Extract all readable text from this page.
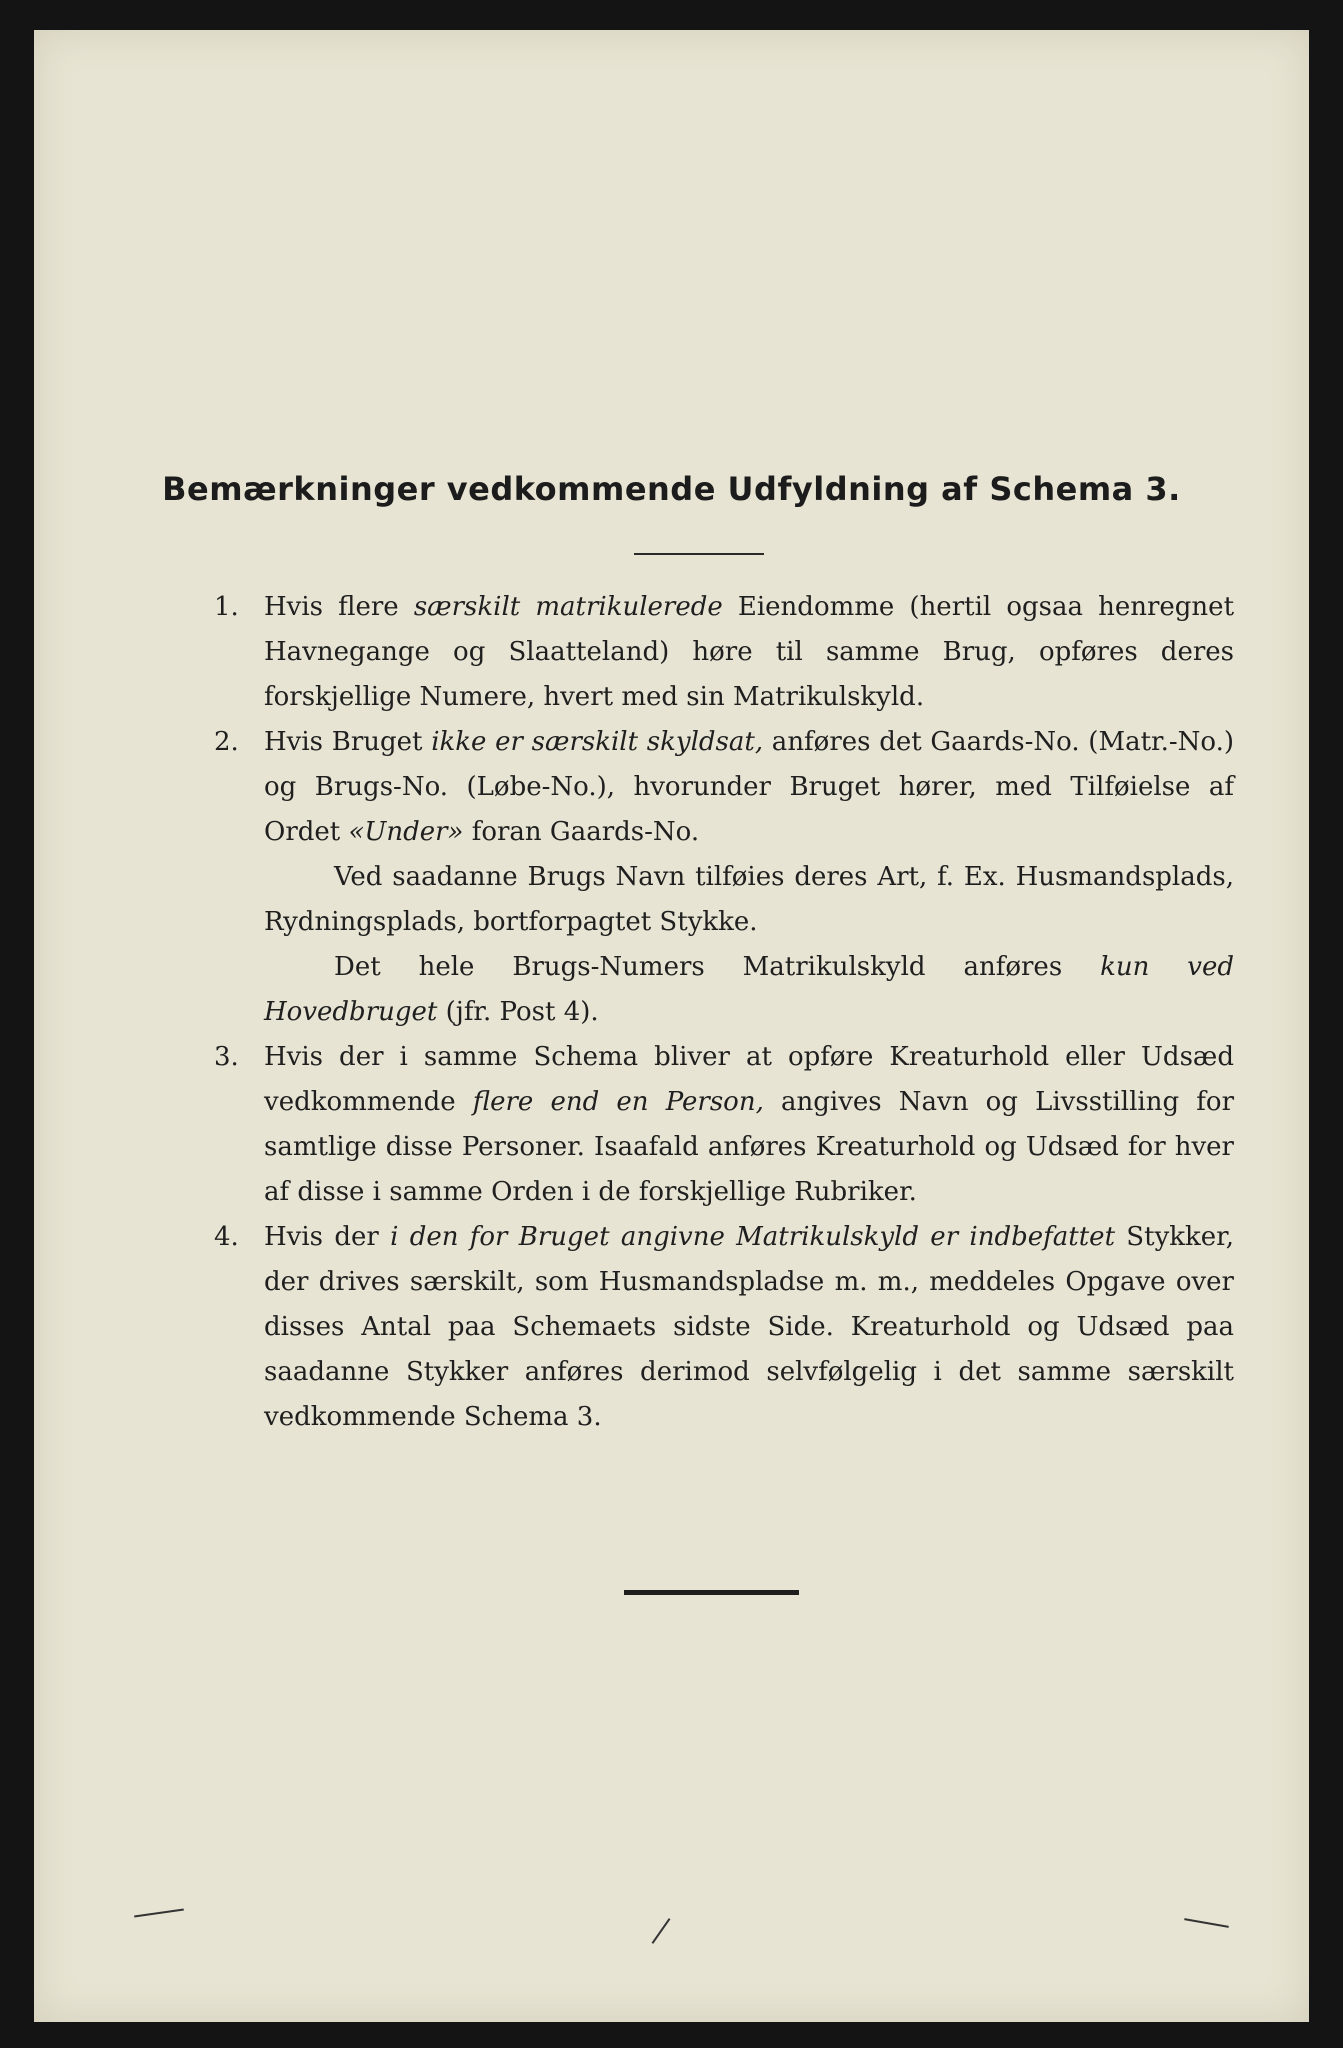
Bemærkninger vedkommende Udfyldning af Schema 3.
1. Hvis flere særskilt matrikulerede Eiendomme (hertil ogsaa henregnet Havnegange og Slaatteland) høre til samme Brug, opføres deres forskjellige Numere, hvert med sin Matrikulskyld.

2. Hvis Bruget ikke er særskilt skyldsat, anføres det Gaards-No. (Matr.-No.) og Brugs-No. (Løbe-No.), hvorunder Bruget hører, med Tilføielse af Ordet «Under» foran Gaards-No.

Ved saadanne Brugs Navn tilføies deres Art, f. Ex. Husmandsplads, Rydningsplads, bortforpagtet Stykke.

Det hele Brugs-Numers Matrikulskyld anføres kun ved Hovedbruget (jfr. Post 4).

3. Hvis der i samme Schema bliver at opføre Kreaturhold eller Udsæd vedkommende flere end en Person, angives Navn og Livsstilling for samtlige disse Personer. Isaafald anføres Kreaturhold og Udsæd for hver af disse i samme Orden i de forskjellige Rubriker.

4. Hvis der i den for Bruget angivne Matrikulskyld er indbefattet Stykker, der drives særskilt, som Husmandspladse m. m., meddeles Opgave over disses Antal paa Schemaets sidste Side. Kreaturhold og Udsæd paa saadanne Stykker anføres derimod selvfølgelig i det samme særskilt vedkommende Schema 3.
